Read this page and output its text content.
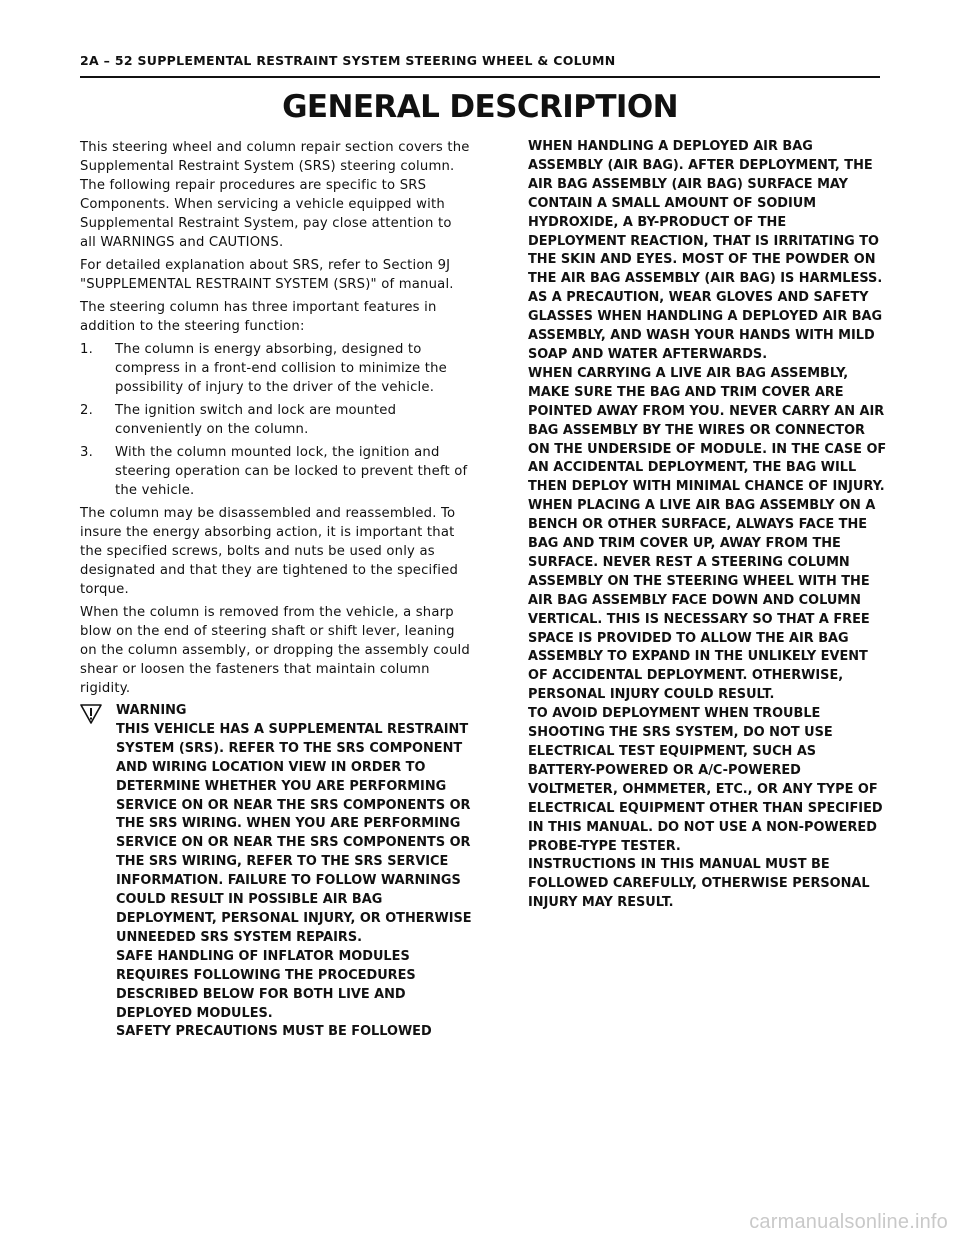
2A – 52 SUPPLEMENTAL RESTRAINT SYSTEM STEERING WHEEL & COLUMN
GENERAL DESCRIPTION

This steering wheel and column repair section covers the Supplemental Restraint System (SRS) steering column. The following repair procedures are specific to SRS Components. When servicing a vehicle equipped with Supplemental Restraint System, pay close attention to all WARNINGS and CAUTIONS.

For detailed explanation about SRS, refer to Section 9J "SUPPLEMENTAL RESTRAINT SYSTEM (SRS)" of manual.

The steering column has three important features in addition to the steering function:

1. The column is energy absorbing, designed to compress in a front-end collision to minimize the possibility of injury to the driver of the vehicle.
2. The ignition switch and lock are mounted conveniently on the column.
3. With the column mounted lock, the ignition and steering operation can be locked to prevent theft of the vehicle.

The column may be disassembled and reassembled. To insure the energy absorbing action, it is important that the specified screws, bolts and nuts be used only as designated and that they are tightened to the specified torque.

When the column is removed from the vehicle, a sharp blow on the end of steering shaft or shift lever, leaning on the column assembly, or dropping the assembly could shear or loosen the fasteners that maintain column rigidity.

WARNING

THIS VEHICLE HAS A SUPPLEMENTAL RESTRAINT SYSTEM (SRS). REFER TO THE SRS COMPONENT AND WIRING LOCATION VIEW IN ORDER TO DETERMINE WHETHER YOU ARE PERFORMING SERVICE ON OR NEAR THE SRS COMPONENTS OR THE SRS WIRING. WHEN YOU ARE PERFORMING SERVICE ON OR NEAR THE SRS COMPONENTS OR THE SRS WIRING, REFER TO THE SRS SERVICE INFORMATION. FAILURE TO FOLLOW WARNINGS COULD RESULT IN POSSIBLE AIR BAG DEPLOYMENT, PERSONAL INJURY, OR OTHERWISE UNNEEDED SRS SYSTEM REPAIRS.

SAFE HANDLING OF INFLATOR MODULES REQUIRES FOLLOWING THE PROCEDURES DESCRIBED BELOW FOR BOTH LIVE AND DEPLOYED MODULES.

SAFETY PRECAUTIONS MUST BE FOLLOWED

WHEN HANDLING A DEPLOYED AIR BAG ASSEMBLY (AIR BAG). AFTER DEPLOYMENT, THE AIR BAG ASSEMBLY (AIR BAG) SURFACE MAY CONTAIN A SMALL AMOUNT OF SODIUM HYDROXIDE, A BY-PRODUCT OF THE DEPLOYMENT REACTION, THAT IS IRRITATING TO THE SKIN AND EYES. MOST OF THE POWDER ON THE AIR BAG ASSEMBLY (AIR BAG) IS HARMLESS. AS A PRECAUTION, WEAR GLOVES AND SAFETY GLASSES WHEN HANDLING A DEPLOYED AIR BAG ASSEMBLY, AND WASH YOUR HANDS WITH MILD SOAP AND WATER AFTERWARDS.

WHEN CARRYING A LIVE AIR BAG ASSEMBLY, MAKE SURE THE BAG AND TRIM COVER ARE POINTED AWAY FROM YOU. NEVER CARRY AN AIR BAG ASSEMBLY BY THE WIRES OR CONNECTOR ON THE UNDERSIDE OF MODULE. IN THE CASE OF AN ACCIDENTAL DEPLOYMENT, THE BAG WILL THEN DEPLOY WITH MINIMAL CHANCE OF INJURY. WHEN PLACING A LIVE AIR BAG ASSEMBLY ON A BENCH OR OTHER SURFACE, ALWAYS FACE THE BAG AND TRIM COVER UP, AWAY FROM THE SURFACE. NEVER REST A STEERING COLUMN ASSEMBLY ON THE STEERING WHEEL WITH THE AIR BAG ASSEMBLY FACE DOWN AND COLUMN VERTICAL. THIS IS NECESSARY SO THAT A FREE SPACE IS PROVIDED TO ALLOW THE AIR BAG ASSEMBLY TO EXPAND IN THE UNLIKELY EVENT OF ACCIDENTAL DEPLOYMENT. OTHERWISE, PERSONAL INJURY COULD RESULT.

TO AVOID DEPLOYMENT WHEN TROUBLE SHOOTING THE SRS SYSTEM, DO NOT USE ELECTRICAL TEST EQUIPMENT, SUCH AS BATTERY-POWERED OR A/C-POWERED VOLTMETER, OHMMETER, ETC., OR ANY TYPE OF ELECTRICAL EQUIPMENT OTHER THAN SPECIFIED IN THIS MANUAL. DO NOT USE A NON-POWERED PROBE-TYPE TESTER.

INSTRUCTIONS IN THIS MANUAL MUST BE FOLLOWED CAREFULLY, OTHERWISE PERSONAL INJURY MAY RESULT.

carmanualsonline.info
